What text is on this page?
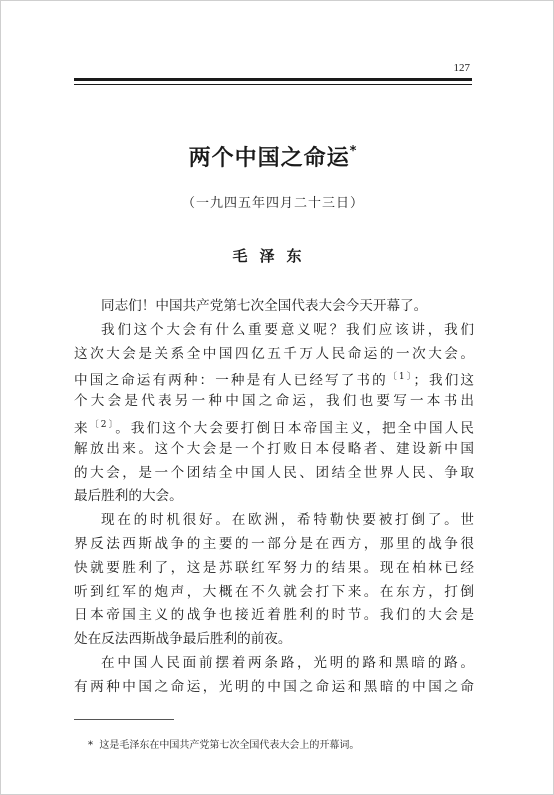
127
两个中国之命运*
（一九四五年四月二十三日）
毛泽东
同志们！中国共产党第七次全国代表大会今天开幕了。
我们这个大会有什么重要意义呢？我们应该讲，我们
这次大会是关系全中国四亿五千万人民命运的一次大会。
中国之命运有两种：一种是有人已经写了书的$^{〔1〕}$；我们这
个大会是代表另一种中国之命运，我们也要写一本书出
来$^{〔2〕}$。我们这个大会要打倒日本帝国主义，把全中国人民
解放出来。这个大会是一个打败日本侵略者、建设新中国
的大会，是一个团结全中国人民、团结全世界人民、争取
最后胜利的大会。
现在的时机很好。在欧洲，希特勒快要被打倒了。世
界反法西斯战争的主要的一部分是在西方，那里的战争很
快就要胜利了，这是苏联红军努力的结果。现在柏林已经
听到红军的炮声，大概在不久就会打下来。在东方，打倒
日本帝国主义的战争也接近着胜利的时节。我们的大会是
处在反法西斯战争最后胜利的前夜。
在中国人民面前摆着两条路，光明的路和黑暗的路。
有两种中国之命运，光明的中国之命运和黑暗的中国之命
* 这是毛泽东在中国共产党第七次全国代表大会上的开幕词。
